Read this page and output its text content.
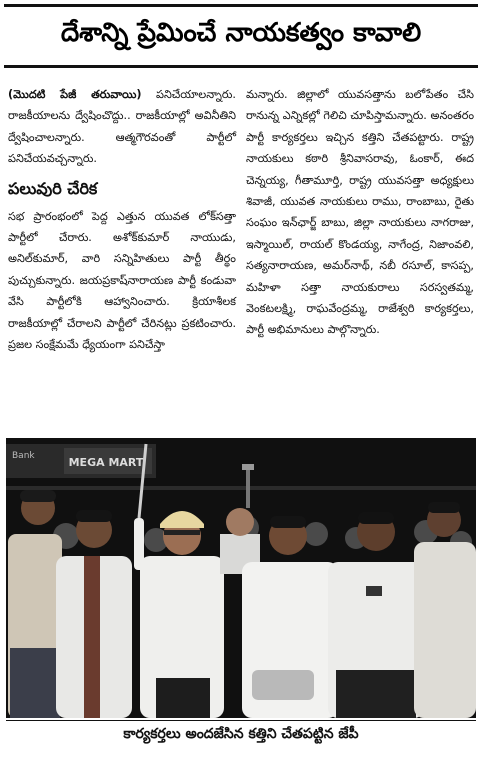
దేశాన్ని ప్రేమించే నాయకత్వం కావాలి

(మొదటి పేజీ తరువాయి) పనిచేయాలన్నారు. రాజకీయాలను ద్వేషించొద్దు.. రాజకీయాల్లో అవినీతిని ద్వేషించాలన్నారు. ఆత్మగౌరవంతో పార్టీలో పనిచేయవచ్చన్నారు.

పలువురి చేరిక

సభ ప్రారంభంలో పెద్ద ఎత్తున యువత లోక్‌సత్తా పార్టీలో చేరారు. అశోక్‌కుమార్ నాయుడు, అనిల్‌కుమార్, వారి సన్నిహితులు పార్టీ తీర్థం పుచ్చుకున్నారు. జయప్రకాష్‌నారాయణ పార్టీ కండువా వేసి పార్టీలోకి ఆహ్వానించారు. క్రియాశీలక రాజకీయాల్లో చేరాలని పార్టీలో చేరినట్లు ప్రకటించారు. ప్రజల సంక్షేమమే ధ్యేయంగా పనిచేస్తా

మన్నారు. జిల్లాలో యువసత్తాను బలోపేతం చేసి రానున్న ఎన్నికల్లో గెలిచి చూపిస్తామన్నారు. అనంతరం పార్టీ కార్యకర్తలు ఇచ్చిన కత్తిని చేతపట్టారు. రాష్ట్ర నాయకులు కఠారి శ్రీనివాసరావు, ఓంకార్, ఈద చెన్నయ్య, గీతామూర్తి, రాష్ట్ర యువసత్తా అధ్యక్షులు శివాజీ, యువత నాయకులు రాము, రాంబాబు, రైతు సంఘం ఇన్‌ఛార్జ్ బాబు, జిల్లా నాయకులు నాగరాజు, ఇస్మాయిల్, రాయల్ కొండయ్య, నాగేంద్ర, నిజాంవలి, సత్యనారాయణ, అమర్‌నాథ్, నబీ రసూల్, కాసప్ప, మహిళా సత్తా నాయకురాలు సరస్వతమ్మ, వెంకటలక్ష్మి, రాఘవేంద్రమ్మ, రాజేశ్వరి కార్యకర్తలు, పార్టీ అభిమానులు పాల్గొన్నారు.

MEGA MART
Bank
కార్యకర్తలు అందజేసిన కత్తిని చేతపట్టిన జేపీ
